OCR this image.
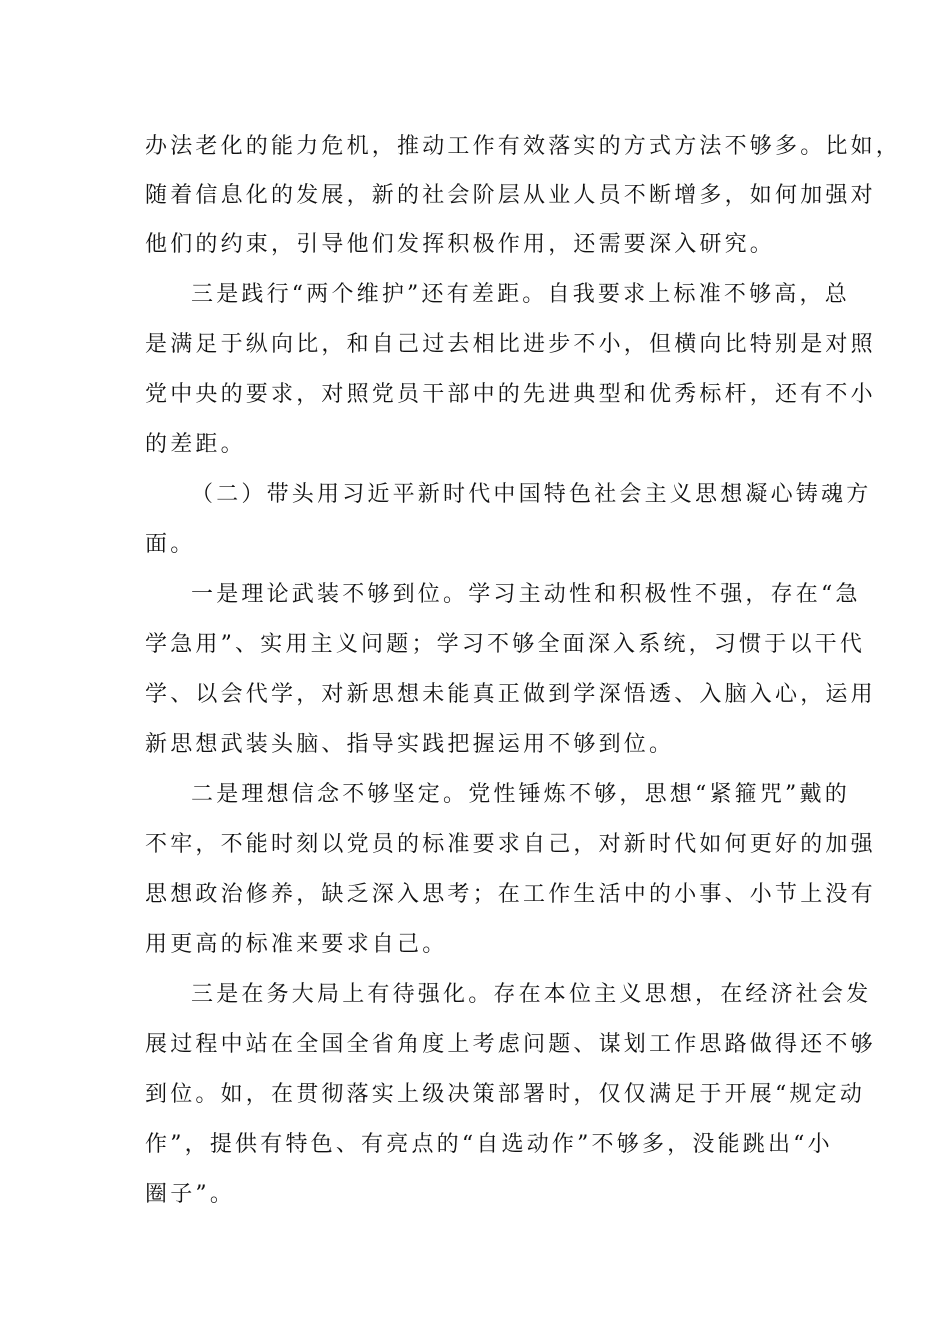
办法老化的能力危机，推动工作有效落实的方式方法不够多。比如，
随着信息化的发展，新的社会阶层从业人员不断增多，如何加强对
他们的约束，引导他们发挥积极作用，还需要深入研究。
三是践行“两个维护”还有差距。自我要求上标准不够高，总
是满足于纵向比，和自己过去相比进步不小，但横向比特别是对照
党中央的要求，对照党员干部中的先进典型和优秀标杆，还有不小
的差距。
（二）带头用习近平新时代中国特色社会主义思想凝心铸魂方
面。
一是理论武装不够到位。学习主动性和积极性不强，存在“急
学急用”、实用主义问题；学习不够全面深入系统，习惯于以干代
学、以会代学，对新思想未能真正做到学深悟透、入脑入心，运用
新思想武装头脑、指导实践把握运用不够到位。
二是理想信念不够坚定。党性锤炼不够，思想“紧箍咒”戴的
不牢，不能时刻以党员的标准要求自己，对新时代如何更好的加强
思想政治修养，缺乏深入思考；在工作生活中的小事、小节上没有
用更高的标准来要求自己。
三是在务大局上有待强化。存在本位主义思想，在经济社会发
展过程中站在全国全省角度上考虑问题、谋划工作思路做得还不够
到位。如，在贯彻落实上级决策部署时，仅仅满足于开展“规定动
作”，提供有特色、有亮点的“自选动作”不够多，没能跳出“小
圈子”。
